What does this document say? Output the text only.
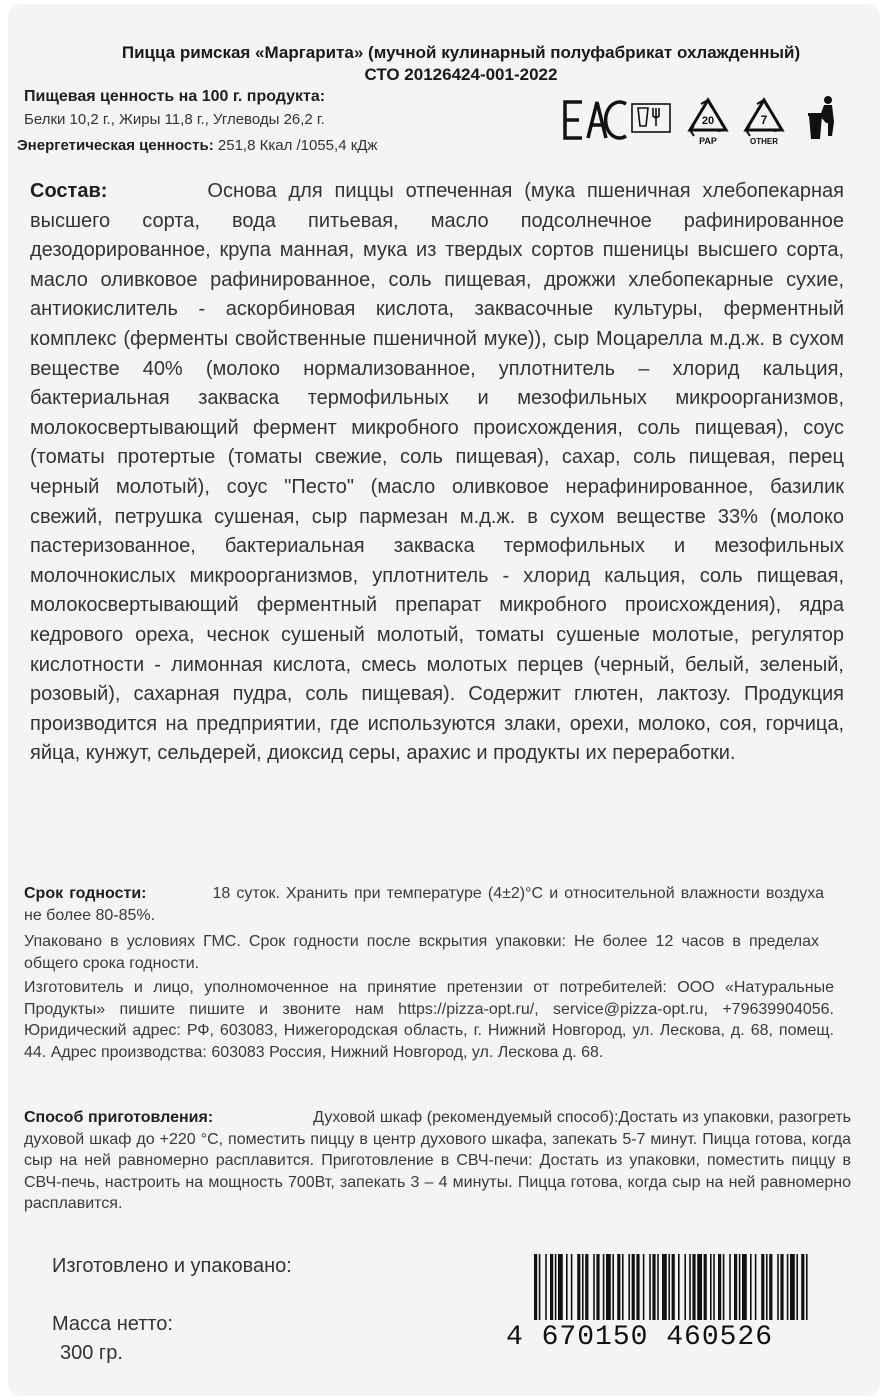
Пицца римская «Маргарита» (мучной кулинарный полуфабрикат охлажденный)
СТО 20126424-001-2022
Пищевая ценность на 100 г. продукта:
Белки 10,2 г., Жиры 11,8 г., Углеводы 26,2 г.
Энергетическая ценность: 251,8 Ккал /1055,4 кДж
20
PAP
7
OTHER
Состав:	Основа для пиццы отпеченная (мука пшеничная хлебопекарная высшего сорта, вода питьевая, масло подсолнечное рафинированное дезодорированное, крупа манная, мука из твердых сортов пшеницы высшего сорта, масло оливковое рафинированное, соль пищевая, дрожжи хлебопекарные сухие, антиокислитель - аскорбиновая кислота, заквасочные культуры, ферментный комплекс (ферменты свойственные пшеничной муке)), сыр Моцарелла м.д.ж. в сухом веществе 40% (молоко нормализованное, уплотнитель – хлорид кальция, бактериальная закваска термофильных и мезофильных микроорганизмов, молокосвертывающий фермент микробного происхождения, соль пищевая), соус (томаты протертые (томаты свежие, соль пищевая), сахар, соль пищевая, перец черный молотый), соус "Песто" (масло оливковое нерафинированное, базилик свежий, петрушка сушеная, сыр пармезан м.д.ж. в сухом веществе 33% (молоко пастеризованное, бактериальная закваска термофильных и мезофильных молочнокислых микроорганизмов, уплотнитель - хлорид кальция, соль пищевая, молокосвертывающий ферментный препарат микробного происхождения), ядра кедрового ореха, чеснок сушеный молотый, томаты сушеные молотые, регулятор кислотности - лимонная кислота, смесь молотых перцев (черный, белый, зеленый, розовый), сахарная пудра, соль пищевая). Содержит глютен, лактозу. Продукция производится на предприятии, где используются злаки, орехи, молоко, соя, горчица, яйца, кунжут, сельдерей, диоксид серы, арахис и продукты их переработки.
Срок годности:	18 суток. Хранить при температуре (4±2)°С и относительной влажности воздуха не более 80-85%.
Упаковано в условиях ГМС. Срок годности после вскрытия упаковки: Не более 12 часов в пределах общего срока годности.
Изготовитель и лицо, уполномоченное на принятие претензии от потребителей: ООО «Натуральные Продукты» пишите пишите и звоните нам https://pizza-opt.ru/, service@pizza-opt.ru, +79639904056. Юридический адрес: РФ, 603083, Нижегородская область, г. Нижний Новгород, ул. Лескова, д. 68, помещ. 44. Адрес производства: 603083 Россия, Нижний Новгород, ул. Лескова д. 68.
Способ приготовления:	Духовой шкаф (рекомендуемый способ):Достать из упаковки, разогреть духовой шкаф до +220 °С, поместить пиццу в центр духового шкафа, запекать 5-7 минут. Пицца готова, когда сыр на ней равномерно расплавится. Приготовление в СВЧ-печи: Достать из упаковки, поместить пиццу в СВЧ-печь, настроить на мощность 700Вт, запекать 3 – 4 минуты. Пицца готова, когда сыр на ней равномерно расплавится.
Изготовлено и упаковано:
Масса нетто:
300 гр.	4 670150 460526
